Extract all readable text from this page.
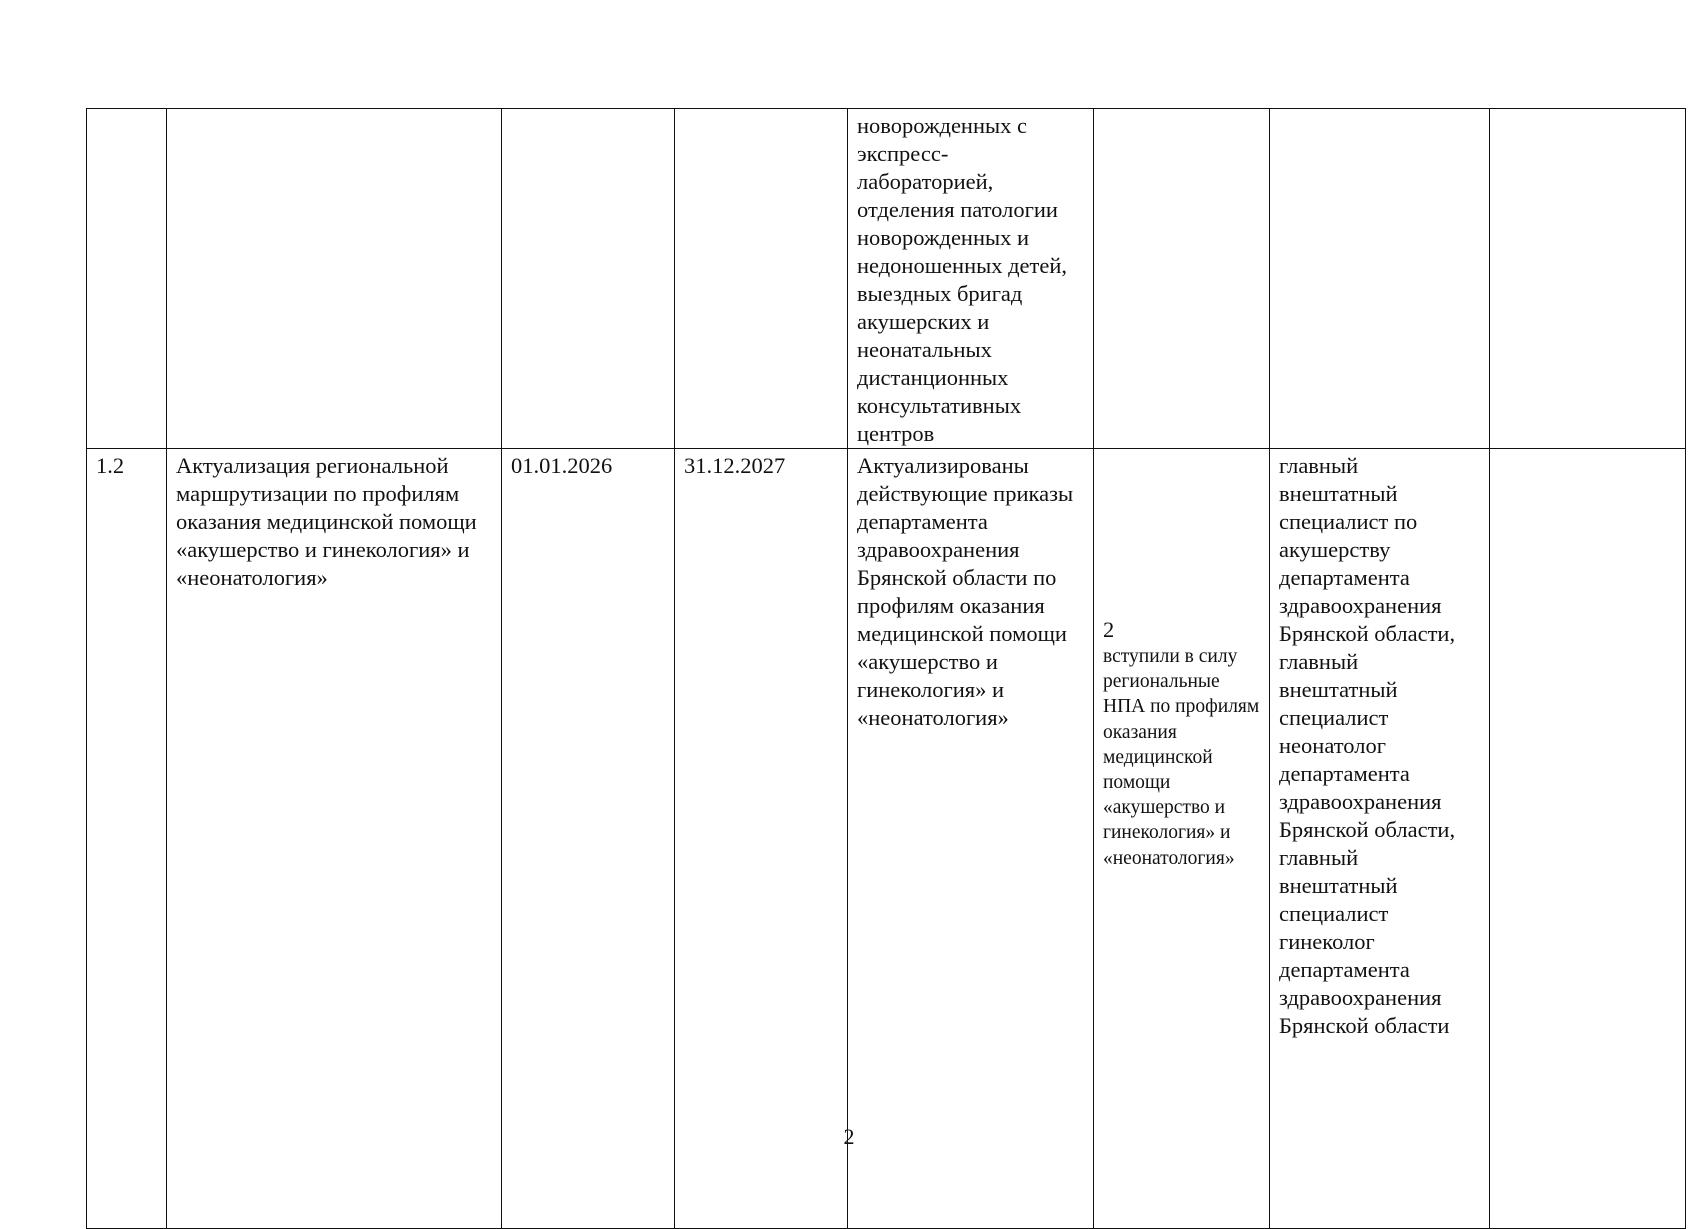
				новорожденных с экспресс-лабораторией, отделения патологии новорожденных и недоношенных детей, выездных бригад акушерских и неонатальных дистанционных консультативных центров	

1.2	Актуализация региональной маршрутизации по профилям оказания медицинской помощи «акушерство и гинекология» и «неонатология»	01.01.2026	31.12.2027	Актуализированы действующие приказы департамента здравоохранения Брянской области по профилям оказания медицинской помощи «акушерство и гинекология» и «неонатология»	2
вступили в силу региональные НПА по профилям оказания медицинской помощи «акушерство и гинекология» и «неонатология»	главный внештатный специалист по акушерству департамента здравоохранения Брянской области, главный внештатный специалист неонатолог департамента здравоохранения Брянской области, главный внештатный специалист гинеколог департамента здравоохранения Брянской области	
2
